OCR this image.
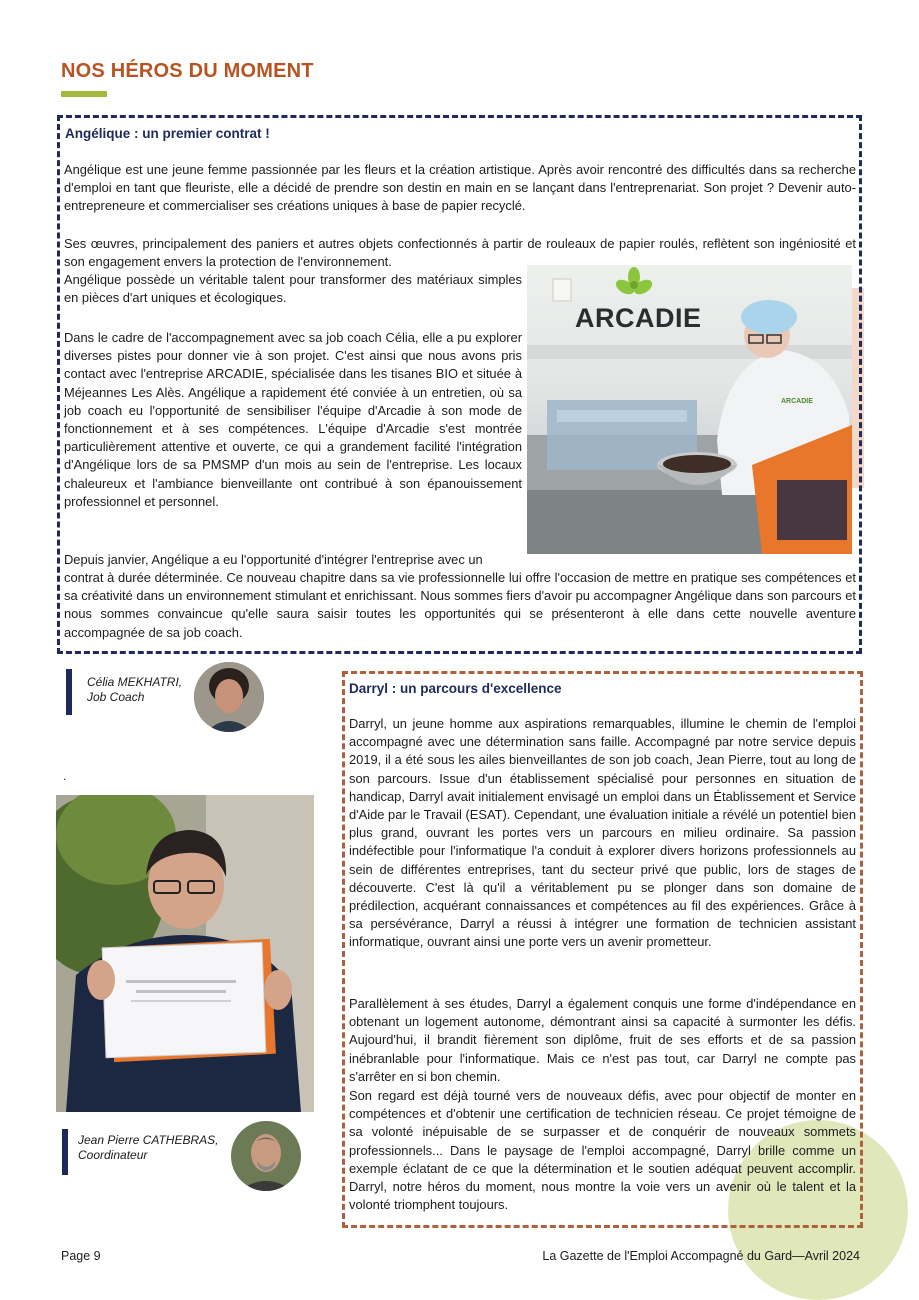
NOS HÉROS DU MOMENT
Angélique : un premier contrat !

Angélique est une jeune femme passionnée par les fleurs et la création artistique. Après avoir rencontré des difficultés dans sa recherche d'emploi en tant que fleuriste, elle a décidé de prendre son destin en main en se lançant dans l'entreprenariat. Son projet ? Devenir auto-entrepreneure et commercialiser ses créations uniques à base de papier recyclé.

Ses œuvres, principalement des paniers et autres objets confectionnés à partir de rouleaux de papier roulés, reflètent son ingéniosité et son engagement envers la protection de l'environnement.

Angélique possède un véritable talent pour transformer des matériaux simples en pièces d'art uniques et écologiques.

Dans le cadre de l'accompagnement avec sa job coach Célia, elle a pu explorer diverses pistes pour donner vie à son projet. C'est ainsi que nous avons pris contact avec l'entreprise ARCADIE, spécialisée dans les tisanes BIO et située à Méjeannes Les Alès. Angélique a rapidement été conviée à un entretien, où sa job coach eu l'opportunité de sensibiliser l'équipe d'Arcadie à son mode de fonctionnement et à ses compétences. L'équipe d'Arcadie s'est montrée particulièrement attentive et ouverte, ce qui a grandement facilité l'intégration d'Angélique lors de sa PMSMP d'un mois au sein de l'entreprise. Les locaux chaleureux et l'ambiance bienveillante ont contribué à son épanouissement professionnel et personnel.

Depuis janvier, Angélique a eu l'opportunité d'intégrer l'entreprise avec un

contrat à durée déterminée. Ce nouveau chapitre dans sa vie professionnelle lui offre l'occasion de mettre en pratique ses compétences et sa créativité dans un environnement stimulant et enrichissant. Nous sommes fiers d'avoir pu accompagner Angélique dans son parcours et nous sommes convaincue qu'elle saura saisir toutes les opportunités qui se présenteront à elle dans cette nouvelle aventure accompagnée de sa job coach.

ARCADIE
ARCADIE
Célia MEKHATRI,
Job Coach
.
Jean Pierre CATHEBRAS,
Coordinateur
Darryl : un parcours d'excellence

Darryl, un jeune homme aux aspirations remarquables, illumine le chemin de l'emploi accompagné avec une détermination sans faille. Accompagné par notre service depuis 2019, il a été sous les ailes bienveillantes de son job coach, Jean Pierre, tout au long de son parcours. Issue d'un établissement spécialisé pour personnes en situation de handicap, Darryl avait initialement envisagé un emploi dans un Établissement et Service d'Aide par le Travail (ESAT). Cependant, une évaluation initiale a révélé un potentiel bien plus grand, ouvrant les portes vers un parcours en milieu ordinaire. Sa passion indéfectible pour l'informatique l'a conduit à explorer divers horizons professionnels au sein de différentes entreprises, tant du secteur privé que public, lors de stages de découverte. C'est là qu'il a véritablement pu se plonger dans son domaine de prédilection, acquérant connaissances et compétences au fil des expériences. Grâce à sa persévérance, Darryl a réussi à intégrer une formation de technicien assistant informatique, ouvrant ainsi une porte vers un avenir prometteur.

Parallèlement à ses études, Darryl a également conquis une forme d'indépendance en obtenant un logement autonome, démontrant ainsi sa capacité à surmonter les défis. Aujourd'hui, il brandit fièrement son diplôme, fruit de ses efforts et de sa passion inébranlable pour l'informatique. Mais ce n'est pas tout, car Darryl ne compte pas s'arrêter en si bon chemin.

Son regard est déjà tourné vers de nouveaux défis, avec pour objectif de monter en compétences et d'obtenir une certification de technicien réseau. Ce projet témoigne de sa volonté inépuisable de se surpasser et de conquérir de nouveaux sommets professionnels... Dans le paysage de l'emploi accompagné, Darryl brille comme un exemple éclatant de ce que la détermination et le soutien adéquat peuvent accomplir. Darryl, notre héros du moment, nous montre la voie vers un avenir où le talent et la volonté triomphent toujours.

Page 9	La Gazette de l'Emploi Accompagné du Gard—Avril 2024
